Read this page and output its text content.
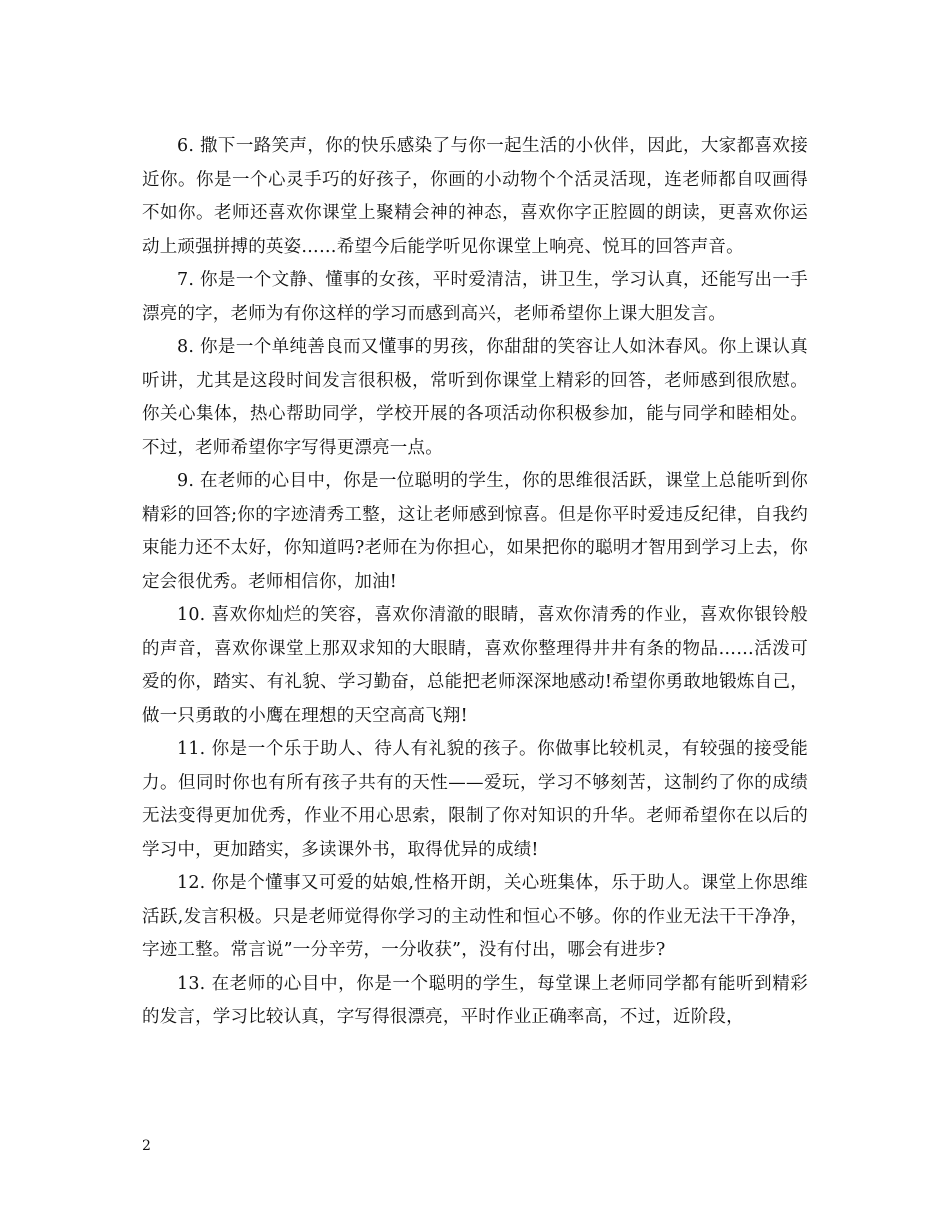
6. 撒下一路笑声，你的快乐感染了与你一起生活的小伙伴，因此，大家都喜欢接近你。你是一个心灵手巧的好孩子，你画的小动物个个活灵活现，连老师都自叹画得不如你。老师还喜欢你课堂上聚精会神的神态，喜欢你字正腔圆的朗读，更喜欢你运动上顽强拼搏的英姿……希望今后能学听见你课堂上响亮、悦耳的回答声音。

7. 你是一个文静、懂事的女孩，平时爱清洁，讲卫生，学习认真，还能写出一手漂亮的字，老师为有你这样的学习而感到高兴，老师希望你上课大胆发言。

8. 你是一个单纯善良而又懂事的男孩，你甜甜的笑容让人如沐春风。你上课认真听讲，尤其是这段时间发言很积极，常听到你课堂上精彩的回答，老师感到很欣慰。你关心集体，热心帮助同学，学校开展的各项活动你积极参加，能与同学和睦相处。不过，老师希望你字写得更漂亮一点。

9. 在老师的心目中，你是一位聪明的学生，你的思维很活跃，课堂上总能听到你精彩的回答;你的字迹清秀工整，这让老师感到惊喜。但是你平时爱违反纪律，自我约束能力还不太好，你知道吗?老师在为你担心，如果把你的聪明才智用到学习上去，你定会很优秀。老师相信你，加油!

10. 喜欢你灿烂的笑容，喜欢你清澈的眼睛，喜欢你清秀的作业，喜欢你银铃般的声音，喜欢你课堂上那双求知的大眼睛，喜欢你整理得井井有条的物品……活泼可爱的你，踏实、有礼貌、学习勤奋，总能把老师深深地感动!希望你勇敢地锻炼自己，做一只勇敢的小鹰在理想的天空高高飞翔!

11. 你是一个乐于助人、待人有礼貌的孩子。你做事比较机灵，有较强的接受能力。但同时你也有所有孩子共有的天性——爱玩，学习不够刻苦，这制约了你的成绩无法变得更加优秀，作业不用心思索，限制了你对知识的升华。老师希望你在以后的学习中，更加踏实，多读课外书，取得优异的成绩!

12. 你是个懂事又可爱的姑娘,性格开朗，关心班集体，乐于助人。课堂上你思维活跃,发言积极。只是老师觉得你学习的主动性和恒心不够。你的作业无法干干净净，字迹工整。常言说”一分辛劳，一分收获”，没有付出，哪会有进步?

13. 在老师的心目中，你是一个聪明的学生，每堂课上老师同学都有能听到精彩的发言，学习比较认真，字写得很漂亮，平时作业正确率高，不过，近阶段，

2
